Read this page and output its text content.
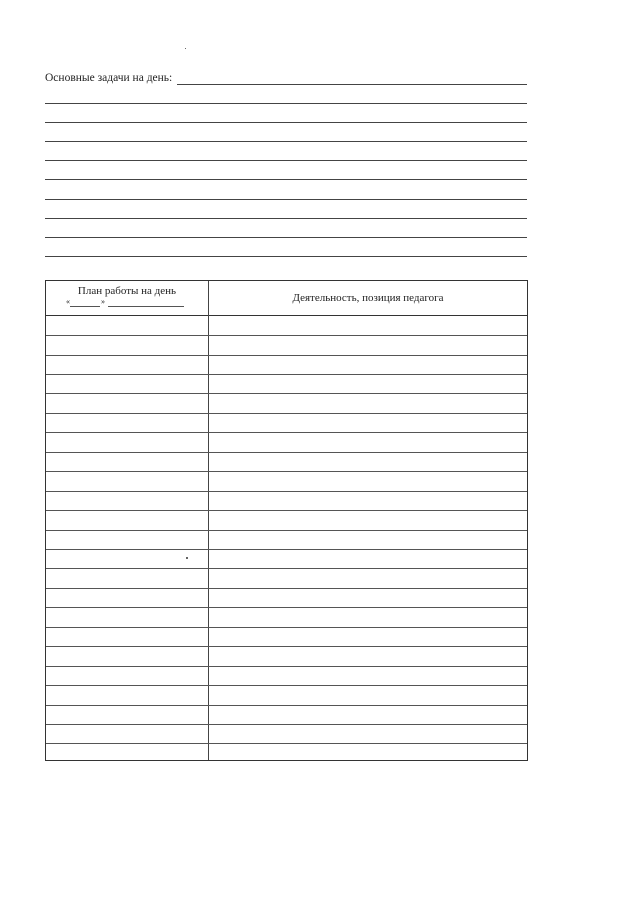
Основные задачи на день:
План работы на день
«	»	Деятельность, позиция педагога
